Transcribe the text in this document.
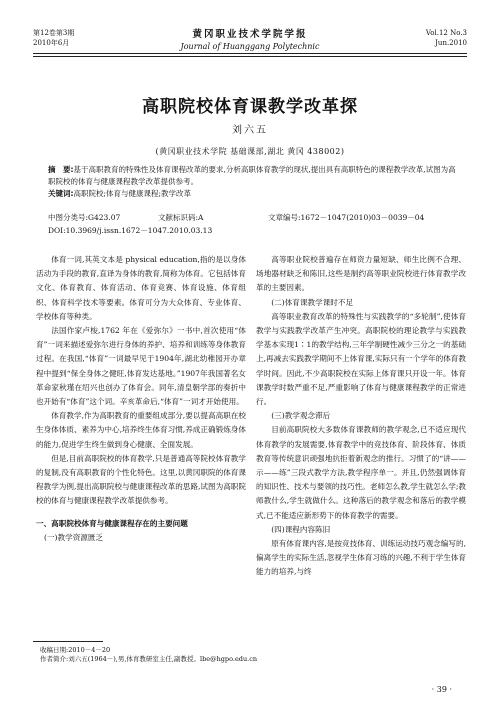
第12卷第3期
2010年6月
黄冈职业技术学院学报
Journal of Huanggang Polytechnic
Vol.12 No.3
Jun.2010
高职院校体育课教学改革探
刘六五
(黄冈职业技术学院 基础课部,湖北 黄冈 438002)
摘　要:基于高职教育的特殊性及体育课程改革的要求,分析高职体育教学的现状,提出具有高职特色的课程教学改革,试图为高职院校的体育与健康课程教学改革提供参考。
关键词:高职院校;体育与健康课程;教学改革
中图分类号:G423.07	文献标识码:A	文章编号:1672－1047(2010)03－0039－04
DOI:10.3969/j.issn.1672－1047.2010.03.13

体育一词,其英文本是 physical education,指的是以身体活动为手段的教育,直译为身体的教育,简称为体育。它包括体育文化、体育教育、体育活动、体育竞赛、体育设施、体育组织、体育科学技术等要素。体育可分为大众体育、专业体育、学校体育等种类。

法国作家卢梭,1762 年在《爱弥尔》一书中,首次使用“体育”一词来描述爱弥尔进行身体的养护、培养和训练等身体教育过程。在我国,“体育”一词最早见于1904年,湖北幼稚园开办章程中提到“保全身体之健旺,体育发达基地。”1907年我国著名女革命家秋瑾在绍兴也创办了体育会。同年,清皇朝学部的奏折中也开始有“体育”这个词。辛亥革命后,“体育”一词才开始使用。

体育教学,作为高职教育的重要组成部分,要以提高高职在校生身体体质、素养为中心,培养终生体育习惯,养成正确锻炼身体的能力,促进学生终生做到身心健康、全面发展。

但是,目前高职院校的体育教学,只是普通高等院校体育教学的复制,没有高职教育的个性化特色。这里,以黄冈职院的体育课程教学为例,提出高职院校与健康课程改革的思路,试图为高职院校的体育与健康课程教学改革提供参考。

一、高职院校体育与健康课程存在的主要问题

(一)教学资源匮乏

高等职业院校普遍存在师资力量短缺、师生比例不合理、场地器材缺乏和陈旧,这些是制约高等职业院校进行体育教学改革的主要因素。

(二)体育课教学课时不足

高等职业教育改革的特殊性与实践教学的“多轮制”,使体育教学与实践教学改革产生冲突。高职院校的理论教学与实践教学基本实现1∶1的教学结构,三年学制硬性减少三分之一的基础上,再减去实践教学期间不上体育课,实际只有一个学年的体育教学时间。因此,不少高职院校在实际上体育课只开设一年。体育课教学时数严重不足,严重影响了体育与健康课程教学的正常进行。

(三)教学观念滞后

目前高职院校大多数体育课教师的教学观念,已不适应现代体育教学的发展需要,体育教学中的竞技体育、阶段体育、体质教育等传统意识顽强地抗拒着新观念的推行。习惯了的“讲——示——练”三段式教学方法,教学程序单一。并且,仍然强调体育的知识性、技术与要领的技巧性。老师怎么教,学生就怎么学;教师教什么,学生就做什么。这种落后的教学观念和落后的教学模式,已不能适应新形势下的体育教学的需要。

(四)课程内容陈旧

原有体育课内容,是按竞技体育、训练运动技巧观念编写的,偏离学生的实际生活,忽视学生体育习练的兴趣,不利于学生体育能力的培养,与终

收稿日期:2010－4－20
作者简介:刘六五(1964－),男,体育教研室主任,副教授。lbe@hgpo.edu.cn
· 39 ·
